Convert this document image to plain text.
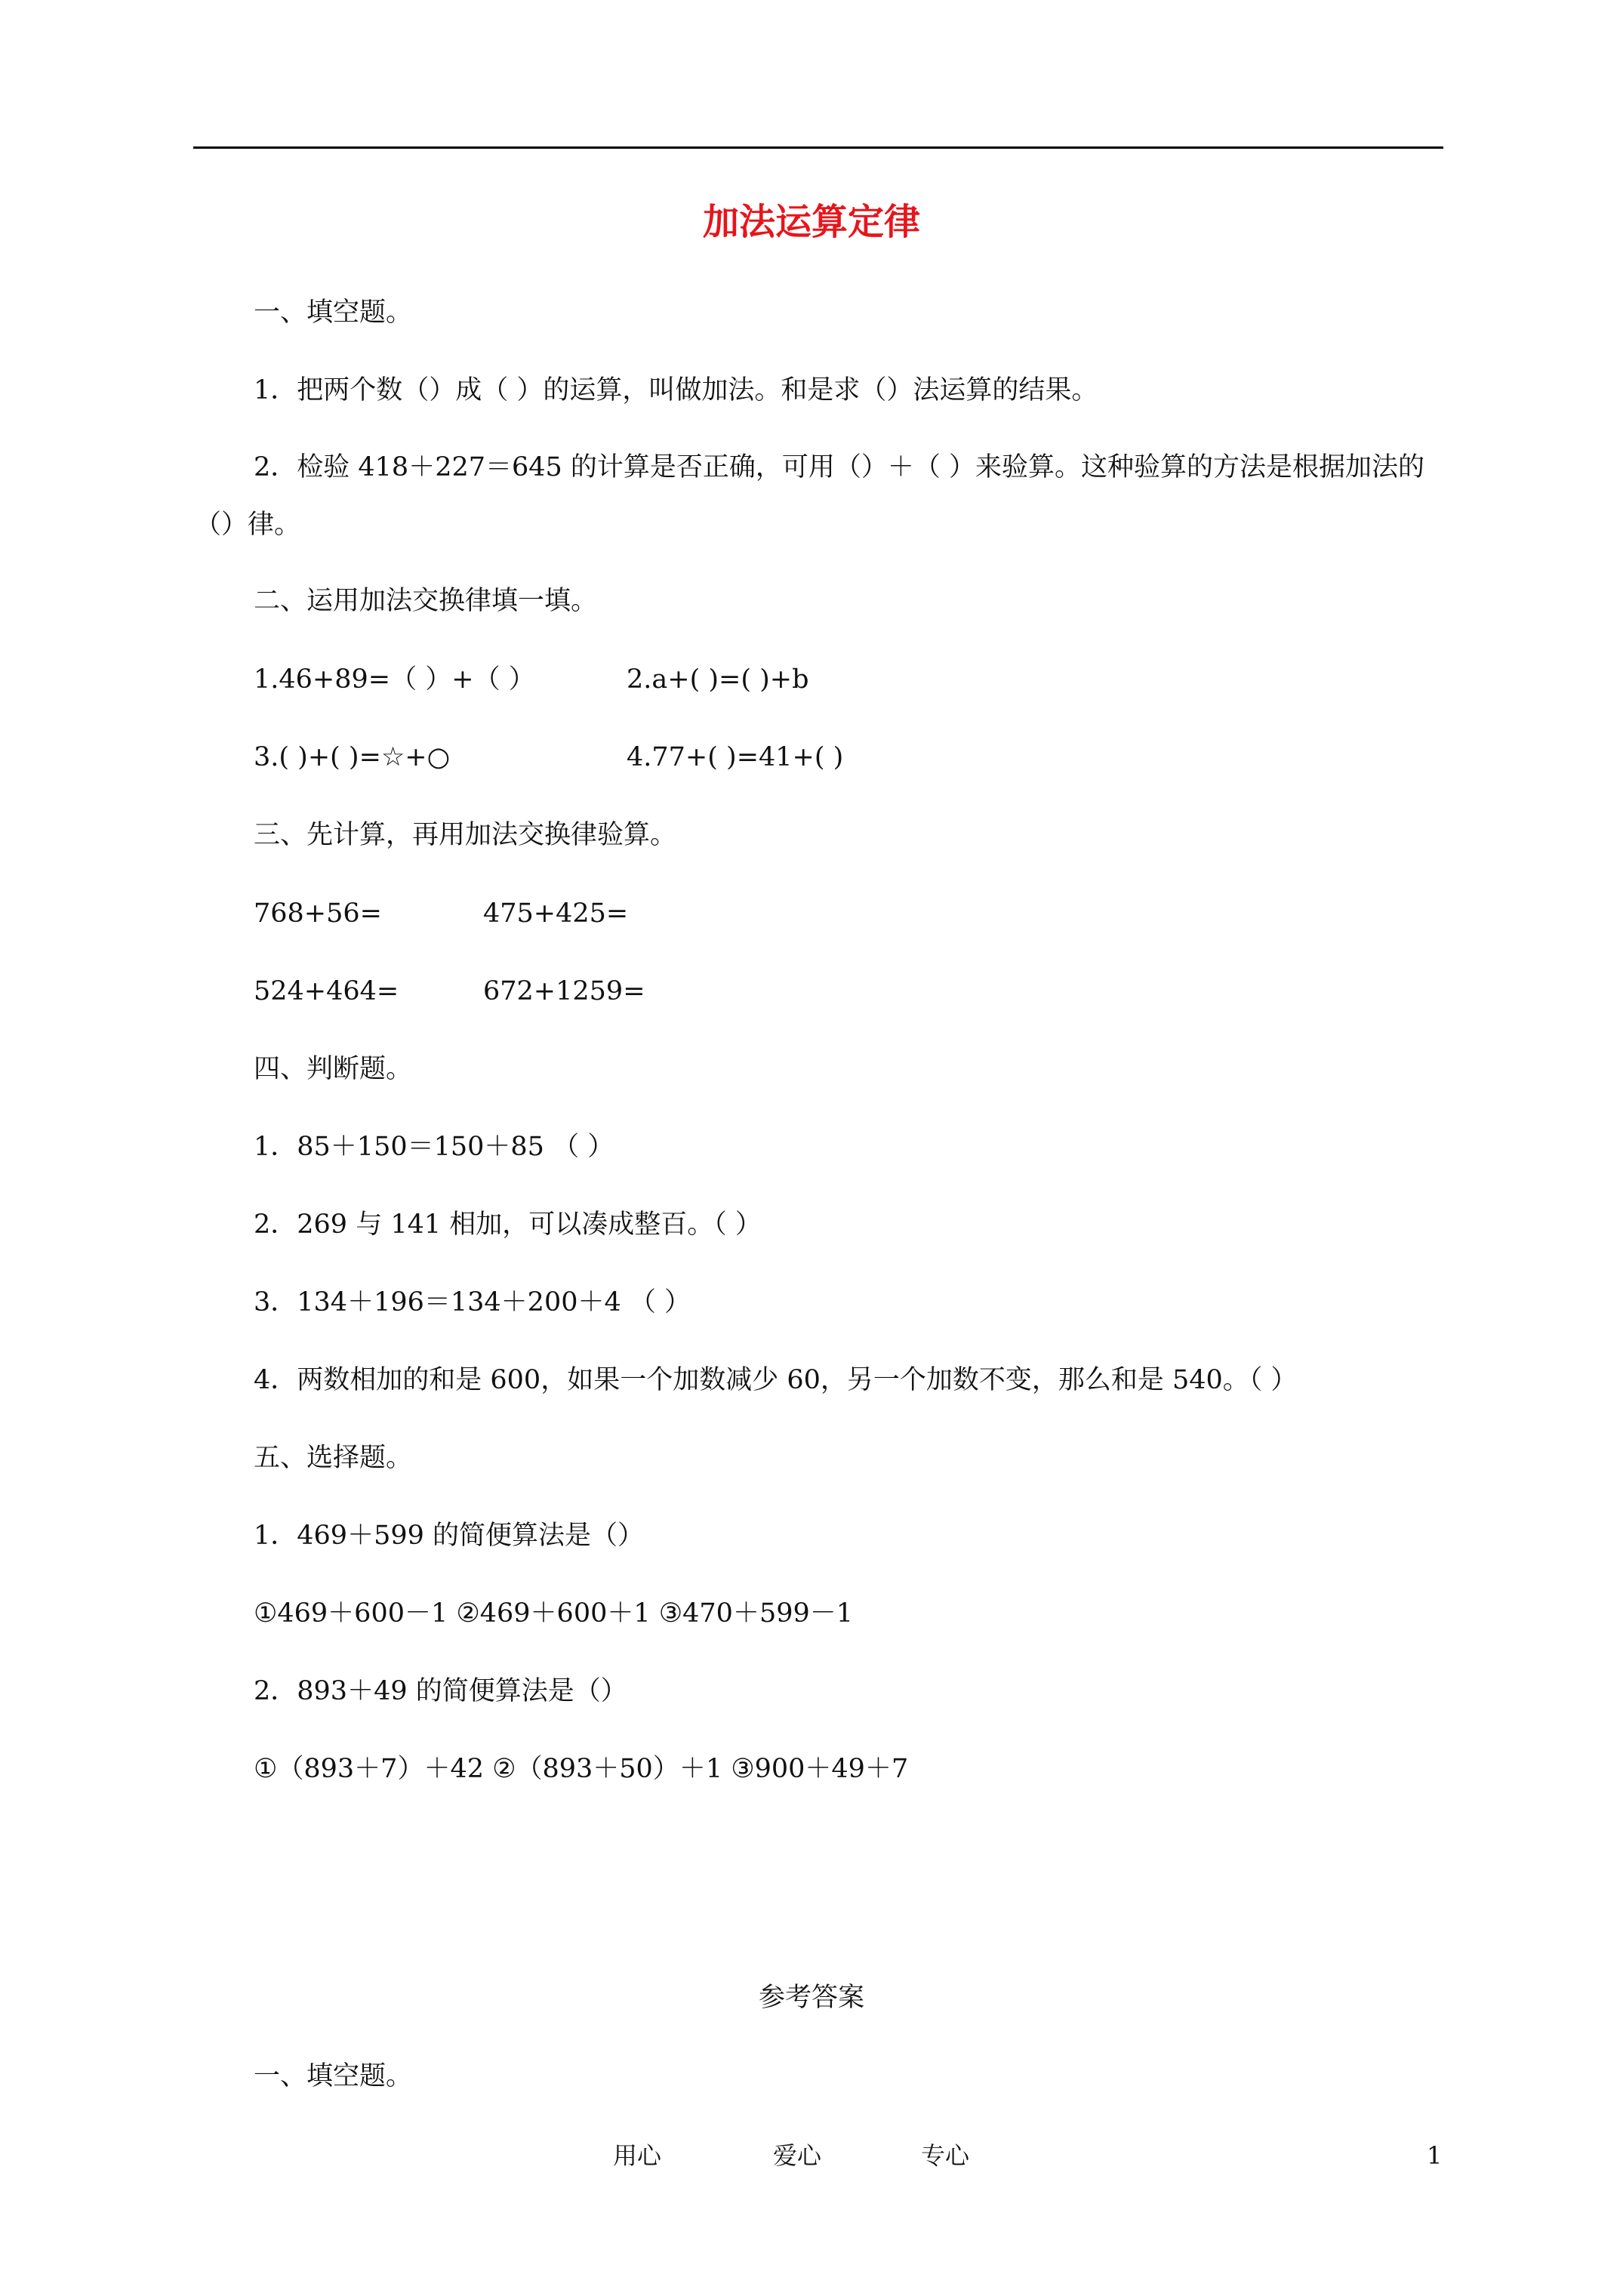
加法运算定律

一、填空题。

1．把两个数（）成（ ）的运算，叫做加法。和是求（）法运算的结果。

2．检验 418＋227＝645 的计算是否正确，可用（）＋（ ）来验算。这种验算的方法是根据加法的（）律。

二、运用加法交换律填一填。

1.46+89=（ ）+（ ）	2.a+( )=( )+b

3.( )+( )=☆+○	4.77+( )=41+( )

三、先计算，再用加法交换律验算。

768+56=	475+425=

524+464=	672+1259=

四、判断题。

1．85＋150＝150＋85 （ ）

2．269 与 141 相加，可以凑成整百。（ ）

3．134＋196＝134＋200＋4 （ ）

4．两数相加的和是 600，如果一个加数减少 60，另一个加数不变，那么和是 540。（ ）

五、选择题。

1．469＋599 的简便算法是（）

①469＋600－1 ②469＋600＋1 ③470＋599－1

2．893＋49 的简便算法是（）

①（893＋7）＋42 ②（893＋50）＋1 ③900＋49＋7

参考答案

一、填空题。

用心	爱心	专心	1
